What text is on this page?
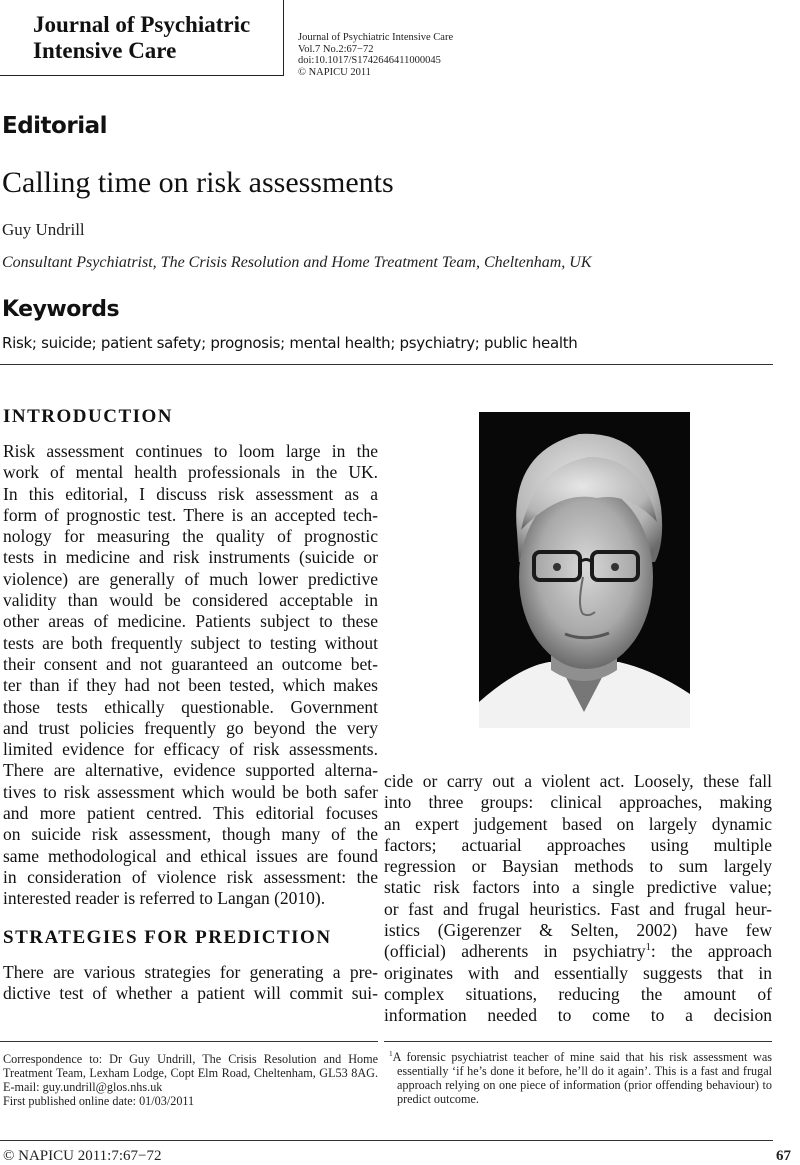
Journal of Psychiatric
Intensive Care
Journal of Psychiatric Intensive Care
Vol.7 No.2:67−72
doi:10.1017/S1742646411000045
© NAPICU 2011
Editorial
Calling time on risk assessments
Guy Undrill
Consultant Psychiatrist, The Crisis Resolution and Home Treatment Team, Cheltenham, UK
Keywords
Risk; suicide; patient safety; prognosis; mental health; psychiatry; public health
INTRODUCTION
Risk assessment continues to loom large in the
work of mental health professionals in the UK.
In this editorial, I discuss risk assessment as a
form of prognostic test. There is an accepted tech-
nology for measuring the quality of prognostic
tests in medicine and risk instruments (suicide or
violence) are generally of much lower predictive
validity than would be considered acceptable in
other areas of medicine. Patients subject to these
tests are both frequently subject to testing without
their consent and not guaranteed an outcome bet-
ter than if they had not been tested, which makes
those tests ethically questionable. Government
and trust policies frequently go beyond the very
limited evidence for efficacy of risk assessments.
There are alternative, evidence supported alterna-
tives to risk assessment which would be both safer
and more patient centred. This editorial focuses
on suicide risk assessment, though many of the
same methodological and ethical issues are found
in consideration of violence risk assessment: the
interested reader is referred to Langan (2010).
STRATEGIES FOR PREDICTION
There are various strategies for generating a pre-
dictive test of whether a patient will commit sui-
cide or carry out a violent act. Loosely, these fall
into three groups: clinical approaches, making
an expert judgement based on largely dynamic
factors; actuarial approaches using multiple
regression or Baysian methods to sum largely
static risk factors into a single predictive value;
or fast and frugal heuristics. Fast and frugal heur-
istics (Gigerenzer & Selten, 2002) have few
(official) adherents in psychiatry$^1$: the approach
originates with and essentially suggests that in
complex situations, reducing the amount of
information needed to come to a decision
Correspondence to: Dr Guy Undrill, The Crisis Resolution and Home Treatment Team, Lexham Lodge, Copt Elm Road, Cheltenham, GL53 8AG. E-mail: guy.undrill@glos.nhs.uk
First published online date: 01/03/2011
$^1$A forensic psychiatrist teacher of mine said that his risk assessment was essentially ‘if he’s done it before, he’ll do it again’. This is a fast and frugal approach relying on one piece of information (prior offending behaviour) to predict outcome.
© NAPICU 2011:7:67−72	67
